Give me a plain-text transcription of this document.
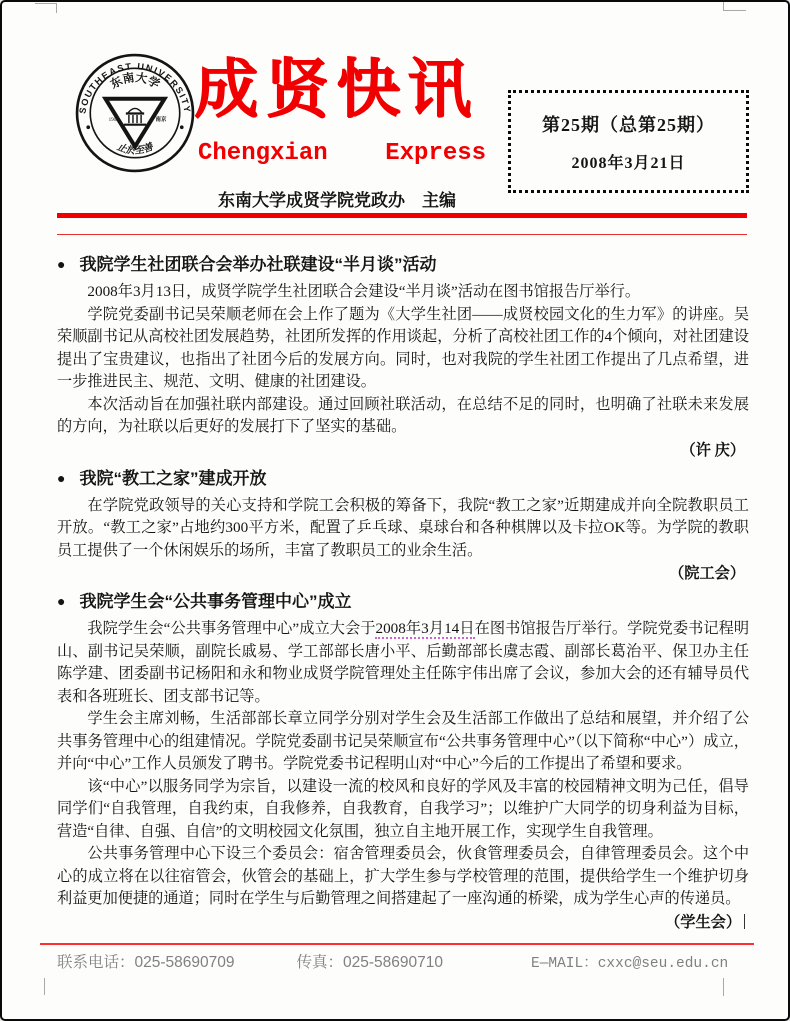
SOUTHEAST UNIVERSITY
东南大学
止於至善
1902	南京 成贤快讯
Chengxian    Express
东南大学成贤学院党政办　主编
第25期（总第25期）
2008年3月21日
● 我院学生社团联合会举办社联建设“半月谈”活动

2008年3月13日，成贤学院学生社团联合会建设“半月谈”活动在图书馆报告厅举行。

学院党委副书记吴荣顺老师在会上作了题为《大学生社团——成贤校园文化的生力军》的讲座。吴荣顺副书记从高校社团发展趋势，社团所发挥的作用谈起，分析了高校社团工作的4个倾向，对社团建设提出了宝贵建议，也指出了社团今后的发展方向。同时，也对我院的学生社团工作提出了几点希望，进一步推进民主、规范、文明、健康的社团建设。

本次活动旨在加强社联内部建设。通过回顾社联活动，在总结不足的同时，也明确了社联未来发展的方向，为社联以后更好的发展打下了坚实的基础。

（许 庆）
● 我院“教工之家”建成开放

在学院党政领导的关心支持和学院工会积极的筹备下，我院“教工之家”近期建成并向全院教职员工开放。“教工之家”占地约300平方米，配置了乒乓球、桌球台和各种棋牌以及卡拉OK等。为学院的教职员工提供了一个休闲娱乐的场所，丰富了教职员工的业余生活。

（院工会）
● 我院学生会“公共事务管理中心”成立

我院学生会“公共事务管理中心”成立大会于2008年3月14日在图书馆报告厅举行。学院党委书记程明山、副书记吴荣顺，副院长戚易、学工部部长唐小平、后勤部部长虞志霞、副部长葛治平、保卫办主任陈学建、团委副书记杨阳和永和物业成贤学院管理处主任陈宇伟出席了会议，参加大会的还有辅导员代表和各班班长、团支部书记等。

学生会主席刘畅，生活部部长章立同学分别对学生会及生活部工作做出了总结和展望，并介绍了公共事务管理中心的组建情况。学院党委副书记吴荣顺宣布“公共事务管理中心”（以下简称“中心”）成立，并向“中心”工作人员颁发了聘书。学院党委书记程明山对“中心”今后的工作提出了希望和要求。

该“中心”以服务同学为宗旨，以建设一流的校风和良好的学风及丰富的校园精神文明为己任，倡导同学们“自我管理，自我约束，自我修养，自我教育，自我学习”；以维护广大同学的切身利益为目标，营造“自律、自强、自信”的文明校园文化氛围，独立自主地开展工作，实现学生自我管理。

公共事务管理中心下设三个委员会：宿舍管理委员会，伙食管理委员会，自律管理委员会。这个中心的成立将在以往宿管会，伙管会的基础上，扩大学生参与学校管理的范围，提供给学生一个维护切身利益更加便捷的通道；同时在学生与后勤管理之间搭建起了一座沟通的桥梁，成为学生心声的传递员。

（学生会）
联系电话：025-58690709	传真：025-58690710	E—MAIL：cxxc@seu.edu.cn
